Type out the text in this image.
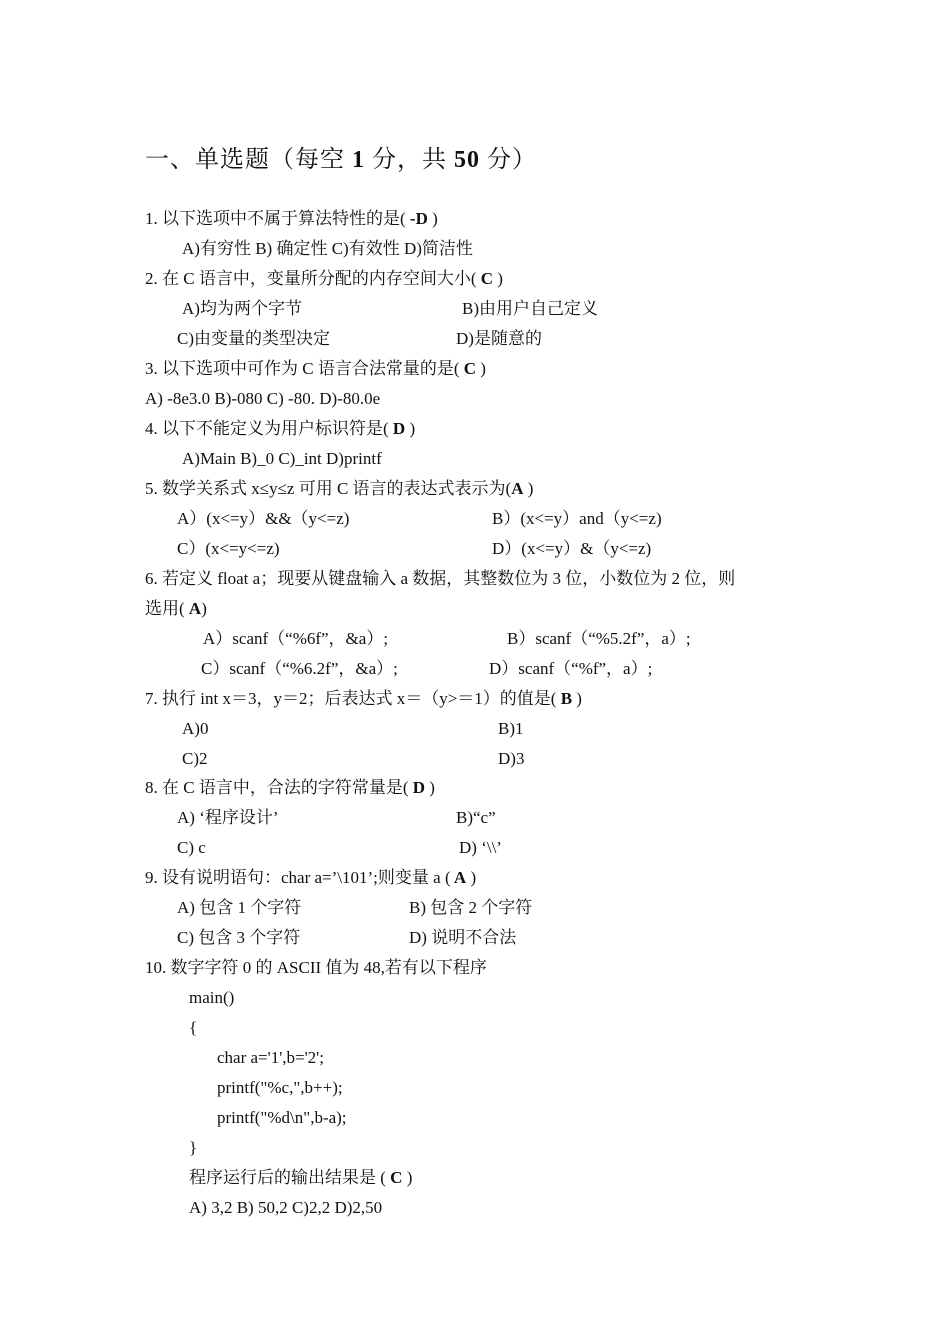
一、单选题（每空 1 分，共 50 分）
1. 以下选项中不属于算法特性的是( -D )
A)有穷性 B) 确定性 C)有效性 D)简洁性
2. 在 C 语言中，变量所分配的内存空间大小( C )
A)均为两个字节	B)由用户自己定义
C)由变量的类型决定	D)是随意的
3. 以下选项中可作为 C 语言合法常量的是( C )
A) -8e3.0 B)-080 C) -80. D)-80.0e
4. 以下不能定义为用户标识符是( D )
A)Main B)_0 C)_int D)printf
5. 数学关系式 x≤y≤z 可用 C 语言的表达式表示为(A )
A）(x<=y）&&（y<=z)	B）(x<=y）and（y<=z)
C）(x<=y<=z)	D）(x<=y）&（y<=z)
6. 若定义 float a；现要从键盘输入 a 数据，其整数位为 3 位，小数位为 2 位，则
选用( A)
A）scanf（“%6f”，&a）;	B）scanf（“%5.2f”，a）;
C）scanf（“%6.2f”，&a）;	D）scanf（“%f”，a）;
7. 执行 int x＝3，y＝2；后表达式 x＝（y>＝1）的值是( B )
A)0	B)1
C)2	D)3
8. 在 C 语言中，合法的字符常量是( D )
A) ‘程序设计’	B)“c”
C) c	D) ‘\\’
9. 设有说明语句：char a=’\101’;则变量 a ( A )
A) 包含 1 个字符	B) 包含 2 个字符
C) 包含 3 个字符	D) 说明不合法
10. 数字字符 0 的 ASCII 值为 48,若有以下程序
main()
{
char a='1',b='2';
printf("%c,",b++);
printf("%d\n",b-a);
}
程序运行后的输出结果是 ( C )
A) 3,2 B) 50,2 C)2,2 D)2,50
